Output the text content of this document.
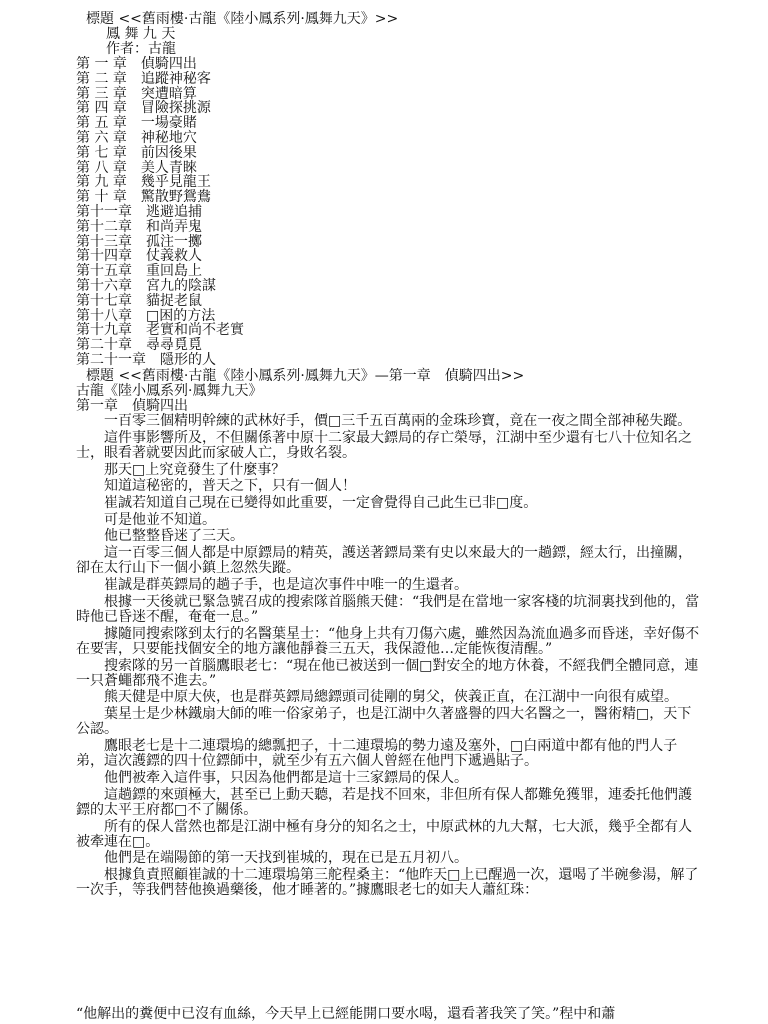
標題 <<舊雨樓·古龍《陸小鳳系列·鳳舞九天》>>
鳳 舞 九 天
作者：古龍
第 一 章　偵騎四出
第 二 章　追蹤神秘客
第 三 章　突遭暗算
第 四 章　冒險探挑源
第 五 章　一場豪賭
第 六 章　神秘地穴
第 七 章　前因後果
第 八 章　美人青睞
第 九 章　幾乎見龍王
第 十 章　驚散野鴛鴦
第十一章　逃避追捕
第十二章　和尚弄鬼
第十三章　孤注一擲
第十四章　仗義救人
第十五章　重回島上
第十六章　宮九的陰謀
第十七章　貓捉老鼠
第十八章　□困的方法
第十九章　老實和尚不老實
第二十章　尋尋覓覓
第二十一章　隱形的人
標題 <<舊雨樓·古龍《陸小鳳系列·鳳舞九天》—第一章　偵騎四出>>
古龍《陸小鳳系列·鳳舞九天》
第一章　偵騎四出
一百零三個精明幹練的武林好手，價□三千五百萬兩的金珠珍寶，竟在一夜之間全部神秘失蹤。
這件事影響所及，不但關係著中原十二家最大鏢局的存亡榮辱，江湖中至少還有七八十位知名之士，眼看著就要因此而家破人亡，身敗名裂。
那天□上究竟發生了什麼事？
知道這秘密的，普天之下，只有一個人！
崔誠若知道自己現在已變得如此重要，一定會覺得自己此生已非□度。
可是他並不知道。
他已整整昏迷了三天。
這一百零三個人都是中原鏢局的精英，護送著鏢局業有史以來最大的一趟鏢，經太行，出撞關，卻在太行山下一個小鎮上忽然失蹤。
崔誠是群英鏢局的趟子手，也是這次事件中唯一的生還者。
根據一天後就已緊急號召成的搜索隊首腦熊天健：“我們是在當地一家客棧的坑洞裏找到他的，當時他已昏迷不醒，奄奄一息。”
據隨同搜索隊到太行的名醫葉星士：“他身上共有刀傷六處，雖然因為流血過多而昏迷，幸好傷不在要害，只要能找個安全的地方讓他靜養三五天，我保證他…定能恢復清醒。”
搜索隊的另一首腦鷹眼老七：“現在他已被送到一個□對安全的地方休養，不經我們全體同意，連一只蒼蠅都飛不進去。”
熊天健是中原大俠，也是群英鏢局總鏢頭司徒剛的舅父，俠義正直，在江湖中一向很有威望。
葉星士是少林鐵扇大師的唯一俗家弟子，也是江湖中久著盛譽的四大名醫之一，醫術精□，天下公認。
鷹眼老七是十二連環塢的總瓢把子，十二連環塢的勢力遠及塞外，□白兩道中都有他的門人子弟，這次護鏢的四十位鏢師中，就至少有五六個人曾經在他門下遞過貼子。
他們被牽入這件事，只因為他們都是這十三家鏢局的保人。
這趟鏢的來頭極大，甚至已上動天聽，若是找不回來，非但所有保人都難免獲罪，連委托他們護鏢的太平王府都□不了關係。
所有的保人當然也都是江湖中極有身分的知名之士，中原武林的九大幫，七大派，幾乎全都有人被牽連在□。
他們是在端陽節的第一天找到崔城的，現在已是五月初八。
根據負責照顧崔誠的十二連環塢第三舵程桑主：“他昨天□上已醒過一次，還喝了半碗參湯，解了一次手，等我們替他換過藥後，他才睡著的。”據鷹眼老七的如夫人蕭紅珠：
“他解出的糞便中已沒有血絲，今天早上已經能開口要水喝，還看著我笑了笑。”程中和蕭
